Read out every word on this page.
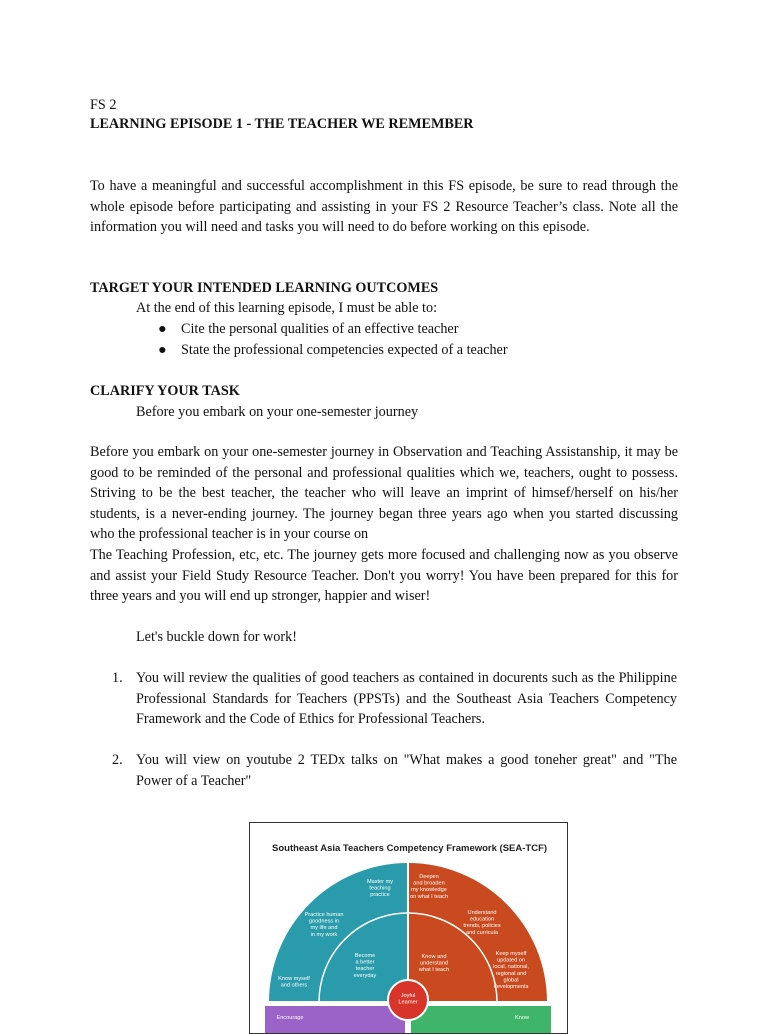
FS 2
LEARNING EPISODE 1 - THE TEACHER WE REMEMBER
To have a meaningful and successful accomplishment in this FS episode, be sure to read through the whole episode before participating and assisting in your FS 2 Resource Teacher’s class. Note all the information you will need and tasks you will need to do before working on this episode.
TARGET YOUR INTENDED LEARNING OUTCOMES
At the end of this learning episode, I must be able to:
● Cite the personal qualities of an effective teacher
● State the professional competencies expected of a teacher
CLARIFY YOUR TASK
Before you embark on your one-semester journey
Before you embark on your one-semester journey in Observation and Teaching Assistanship, it may be good to be reminded of the personal and professional qualities which we, teachers, ought to possess. Striving to be the best teacher, the teacher who will leave an imprint of himsef/herself on his/her students, is a never-ending journey. The journey began three years ago when you started discussing who the professional teacher is in your course on
The Teaching Profession, etc, etc. The journey gets more focused and challenging now as you observe and assist your Field Study Resource Teacher. Don't you worry! You have been prepared for this for three years and you will end up stronger, happier and wiser!
Let's buckle down for work!
1. You will review the qualities of good teachers as contained in docurents such as the Philippine Professional Standards for Teachers (PPSTs) and the Southeast Asia Teachers Competency Framework and the Code of Ethics for Professional Teachers.
2. You will view on youtube 2 TEDx talks on "What makes a good toneher great" and "The Power of a Teacher"
Southeast Asia Teachers Competency Framework (SEA-TCF)
Master my teaching practice
Practice human goodness in my life and in my work
Know myself and others
Become a better teacher everyday
Deepen and broaden my knowledge on what I teach
Understand education trends, policies and curricula
Know and understand what I teach
Keep myself updated on local, national, regional and global developments
Joyful Learner
Encourage	Know
